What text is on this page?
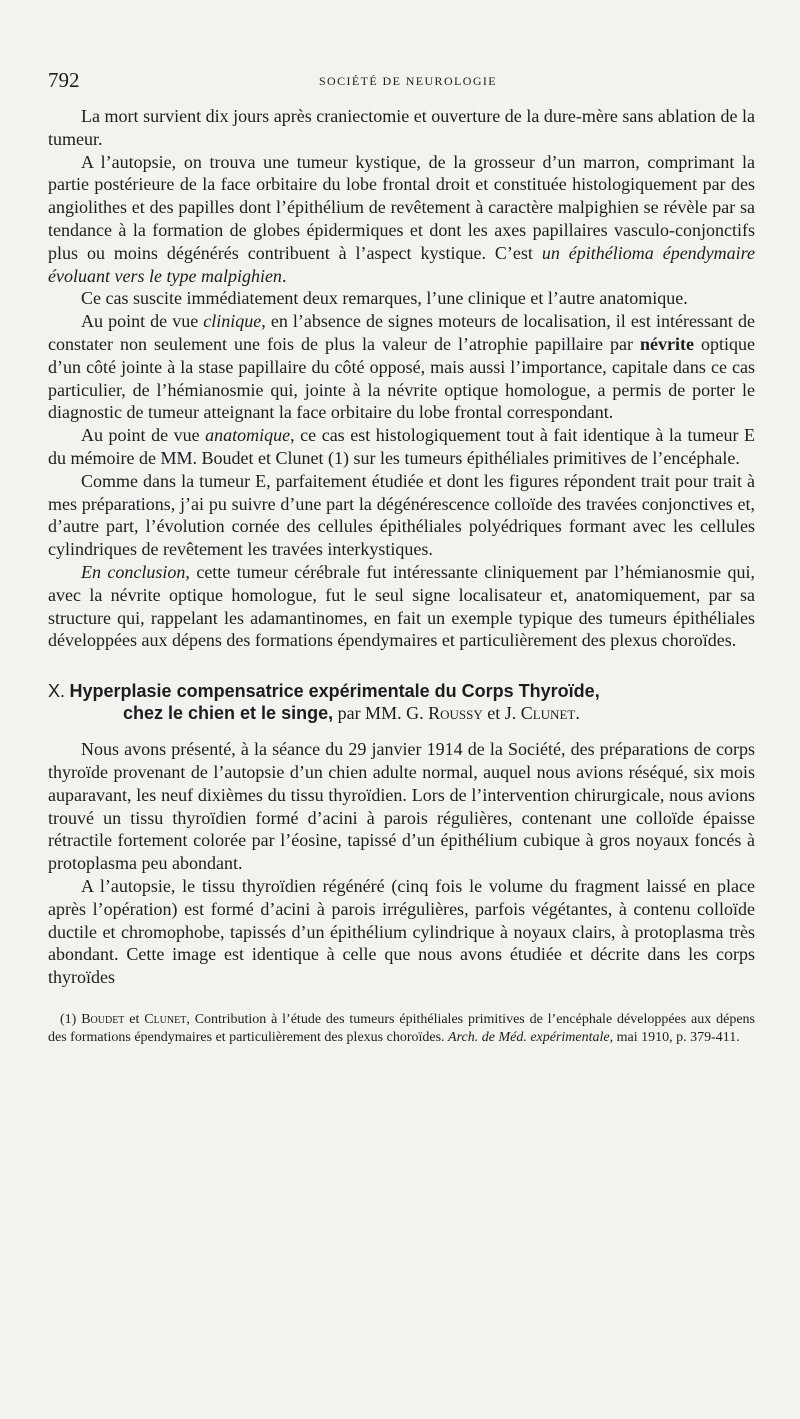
792	SOCIÉTÉ DE NEUROLOGIE

La mort survient dix jours après craniectomie et ouverture de la dure-mère sans ablation de la tumeur.

A l’autopsie, on trouva une tumeur kystique, de la grosseur d’un marron, comprimant la partie postérieure de la face orbitaire du lobe frontal droit et constituée histologiquement par des angiolithes et des papilles dont l’épithélium de revêtement à caractère malpighien se révèle par sa tendance à la formation de globes épidermiques et dont les axes papillaires vasculo-conjonctifs plus ou moins dégénérés contribuent à l’aspect kystique. C’est un épithélioma épendymaire évoluant vers le type malpighien.

Ce cas suscite immédiatement deux remarques, l’une clinique et l’autre anatomique.

Au point de vue clinique, en l’absence de signes moteurs de localisation, il est intéressant de constater non seulement une fois de plus la valeur de l’atrophie papillaire par névrite optique d’un côté jointe à la stase papillaire du côté opposé, mais aussi l’importance, capitale dans ce cas particulier, de l’hémianosmie qui, jointe à la névrite optique homologue, a permis de porter le diagnostic de tumeur atteignant la face orbitaire du lobe frontal correspondant.

Au point de vue anatomique, ce cas est histologiquement tout à fait identique à la tumeur E du mémoire de MM. Boudet et Clunet (1) sur les tumeurs épithéliales primitives de l’encéphale.

Comme dans la tumeur E, parfaitement étudiée et dont les figures répondent trait pour trait à mes préparations, j’ai pu suivre d’une part la dégénérescence colloïde des travées conjonctives et, d’autre part, l’évolution cornée des cellules épithéliales polyédriques formant avec les cellules cylindriques de revêtement les travées interkystiques.

En conclusion, cette tumeur cérébrale fut intéressante cliniquement par l’hémianosmie qui, avec la névrite optique homologue, fut le seul signe localisateur et, anatomiquement, par sa structure qui, rappelant les adamantinomes, en fait un exemple typique des tumeurs épithéliales développées aux dépens des formations épendymaires et particulièrement des plexus choroïdes.

X. Hyperplasie compensatrice expérimentale du Corps Thyroïde,
chez le chien et le singe, par MM. G. Roussy et J. Clunet.

Nous avons présenté, à la séance du 29 janvier 1914 de la Société, des préparations de corps thyroïde provenant de l’autopsie d’un chien adulte normal, auquel nous avions réséqué, six mois auparavant, les neuf dixièmes du tissu thyroïdien. Lors de l’intervention chirurgicale, nous avions trouvé un tissu thyroïdien formé d’acini à parois régulières, contenant une colloïde épaisse rétractile fortement colorée par l’éosine, tapissé d’un épithélium cubique à gros noyaux foncés à protoplasma peu abondant.

A l’autopsie, le tissu thyroïdien régénéré (cinq fois le volume du fragment laissé en place après l’opération) est formé d’acini à parois irrégulières, parfois végétantes, à contenu colloïde ductile et chromophobe, tapissés d’un épithélium cylindrique à noyaux clairs, à protoplasma très abondant. Cette image est identique à celle que nous avons étudiée et décrite dans les corps thyroïdes

(1) Boudet et Clunet, Contribution à l’étude des tumeurs épithéliales primitives de l’encéphale développées aux dépens des formations épendymaires et particulièrement des plexus choroïdes. Arch. de Méd. expérimentale, mai 1910, p. 379-411.
